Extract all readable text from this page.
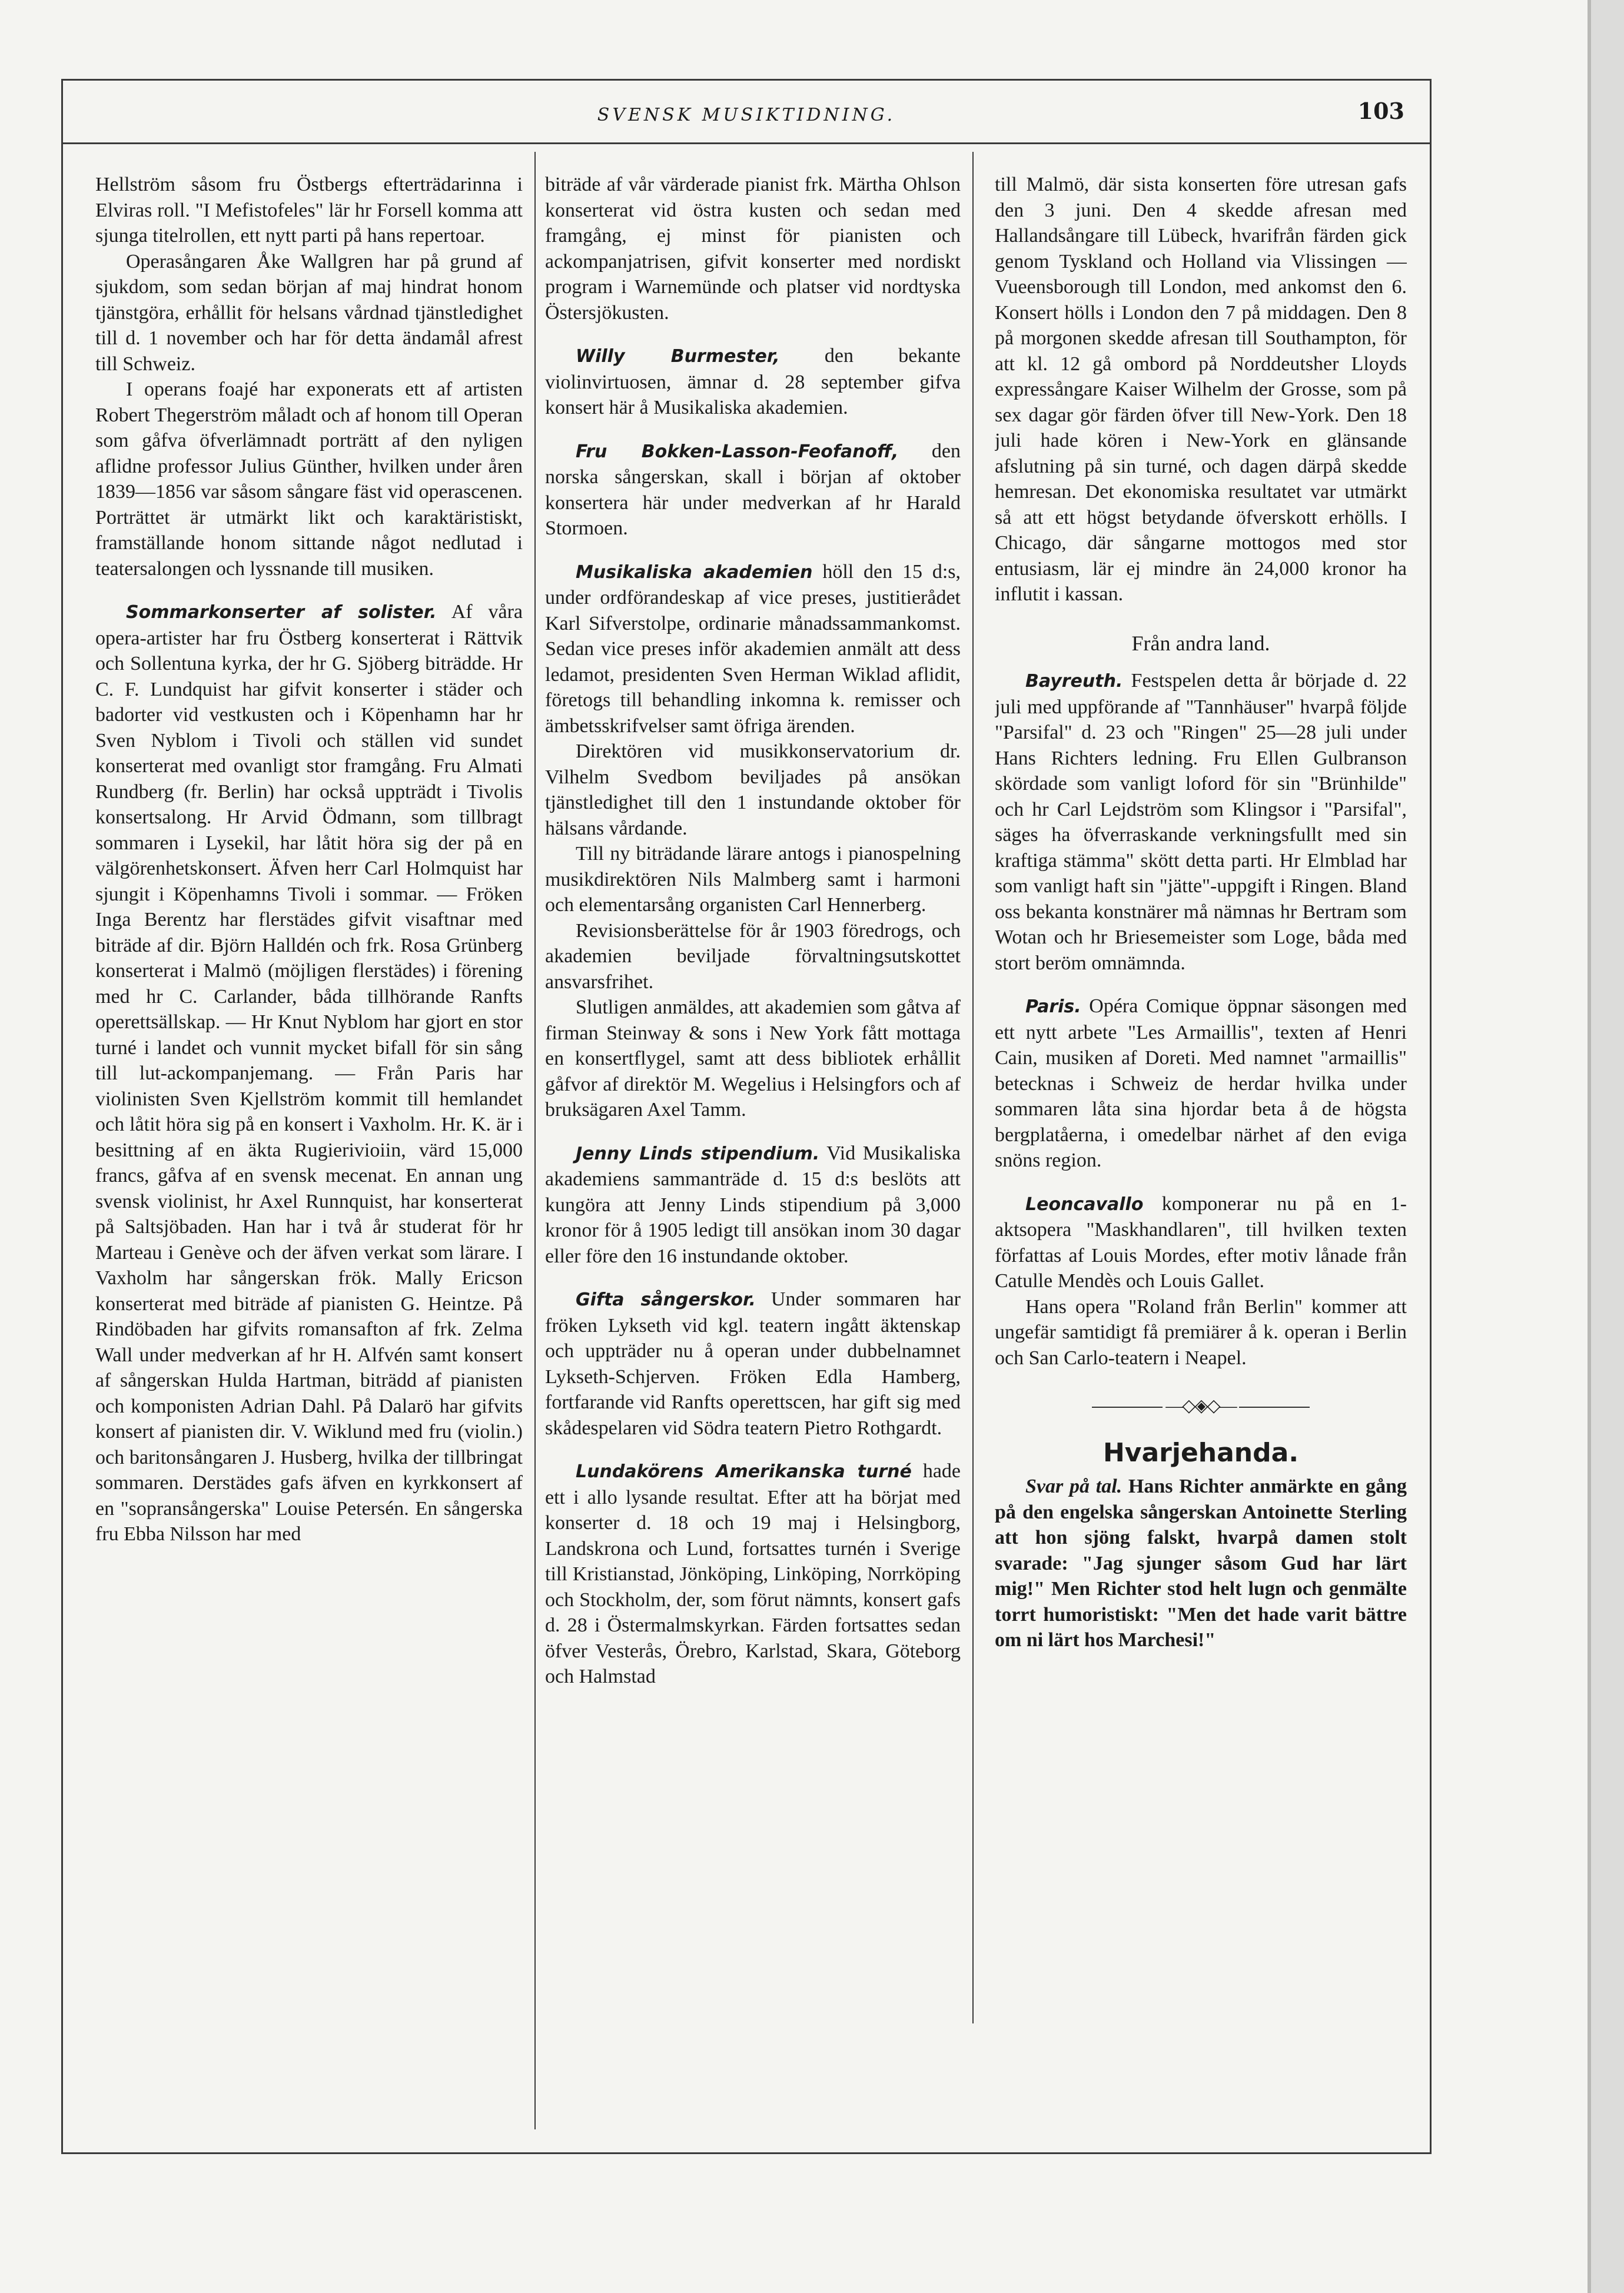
SVENSK MUSIKTIDNING.	103

Hellström såsom fru Östbergs efterträdarinna i Elviras roll. "I Mefistofeles" lär hr Forsell komma att sjunga titelrollen, ett nytt parti på hans repertoar.

Operasångaren Åke Wallgren har på grund af sjukdom, som sedan början af maj hindrat honom tjänstgöra, erhållit för helsans vårdnad tjänstledighet till d. 1 november och har för detta ändamål afrest till Schweiz.

I operans foajé har exponerats ett af artisten Robert Thegerström måladt och af honom till Operan som gåfva öfverlämnadt porträtt af den nyligen aflidne professor Julius Günther, hvilken under åren 1839—1856 var såsom sångare fäst vid operascenen. Porträttet är utmärkt likt och karaktäristiskt, framställande honom sittande något nedlutad i teatersalongen och lyssnande till musiken.

Sommarkonserter af solister. Af våra opera-artister har fru Östberg konserterat i Rättvik och Sollentuna kyrka, der hr G. Sjöberg biträdde. Hr C. F. Lundquist har gifvit konserter i städer och badorter vid vestkusten och i Köpenhamn har hr Sven Nyblom i Tivoli och ställen vid sundet konserterat med ovanligt stor framgång. Fru Almati Rundberg (fr. Berlin) har också uppträdt i Tivolis konsertsalong. Hr Arvid Ödmann, som tillbragt sommaren i Lysekil, har låtit höra sig der på en välgörenhetskonsert. Äfven herr Carl Holmquist har sjungit i Köpenhamns Tivoli i sommar. — Fröken Inga Berentz har flerstädes gifvit visaftnar med biträde af dir. Björn Halldén och frk. Rosa Grünberg konserterat i Malmö (möjligen flerstädes) i förening med hr C. Carlander, båda tillhörande Ranfts operettsällskap. — Hr Knut Nyblom har gjort en stor turné i landet och vunnit mycket bifall för sin sång till lut-ackompanjemang. — Från Paris har violinisten Sven Kjellström kommit till hemlandet och låtit höra sig på en konsert i Vaxholm. Hr. K. är i besittning af en äkta Rugierivioiin, värd 15,000 francs, gåfva af en svensk mecenat. En annan ung svensk violinist, hr Axel Runnquist, har konserterat på Saltsjöbaden. Han har i två år studerat för hr Marteau i Genève och der äfven verkat som lärare. I Vaxholm har sångerskan frök. Mally Ericson konserterat med biträde af pianisten G. Heintze. På Rindöbaden har gifvits romansafton af frk. Zelma Wall under medverkan af hr H. Alfvén samt konsert af sångerskan Hulda Hartman, biträdd af pianisten och komponisten Adrian Dahl. På Dalarö har gifvits konsert af pianisten dir. V. Wiklund med fru (violin.) och baritonsångaren J. Husberg, hvilka der tillbringat sommaren. Derstädes gafs äfven en kyrkkonsert af en "sopransångerska" Louise Petersén. En sångerska fru Ebba Nilsson har med

biträde af vår värderade pianist frk. Märtha Ohlson konserterat vid östra kusten och sedan med framgång, ej minst för pianisten och ackompanjatrisen, gifvit konserter med nordiskt program i Warnemünde och platser vid nordtyska Östersjökusten.

Willy Burmester, den bekante violinvirtuosen, ämnar d. 28 september gifva konsert här å Musikaliska akademien.

Fru Bokken-Lasson-Feofanoff, den norska sångerskan, skall i början af oktober konsertera här under medverkan af hr Harald Stormoen.

Musikaliska akademien höll den 15 d:s, under ordförandeskap af vice preses, justitierådet Karl Sifverstolpe, ordinarie månadssammankomst. Sedan vice preses inför akademien anmält att dess ledamot, presidenten Sven Herman Wiklad aflidit, företogs till behandling inkomna k. remisser och ämbetsskrifvelser samt öfriga ärenden.

Direktören vid musikkonservatorium dr. Vilhelm Svedbom beviljades på ansökan tjänstledighet till den 1 instundande oktober för hälsans vårdande.

Till ny biträdande lärare antogs i pianospelning musikdirektören Nils Malmberg samt i harmoni och elementarsång organisten Carl Hennerberg.

Revisionsberättelse för år 1903 föredrogs, och akademien beviljade förvaltningsutskottet ansvarsfrihet.

Slutligen anmäldes, att akademien som gåtva af firman Steinway & sons i New York fått mottaga en konsertflygel, samt att dess bibliotek erhållit gåfvor af direktör M. Wegelius i Helsingfors och af bruksägaren Axel Tamm.

Jenny Linds stipendium. Vid Musikaliska akademiens sammanträde d. 15 d:s beslöts att kungöra att Jenny Linds stipendium på 3,000 kronor för å 1905 ledigt till ansökan inom 30 dagar eller före den 16 instundande oktober.

Gifta sångerskor. Under sommaren har fröken Lykseth vid kgl. teatern ingått äktenskap och uppträder nu å operan under dubbelnamnet Lykseth-Schjerven. Fröken Edla Hamberg, fortfarande vid Ranfts operettscen, har gift sig med skådespelaren vid Södra teatern Pietro Rothgardt.

Lundakörens Amerikanska turné hade ett i allo lysande resultat. Efter att ha börjat med konserter d. 18 och 19 maj i Helsingborg, Landskrona och Lund, fortsattes turnén i Sverige till Kristianstad, Jönköping, Linköping, Norrköping och Stockholm, der, som förut nämnts, konsert gafs d. 28 i Östermalmskyrkan. Färden fortsattes sedan öfver Vesterås, Örebro, Karlstad, Skara, Göteborg och Halmstad

till Malmö, där sista konserten före utresan gafs den 3 juni. Den 4 skedde afresan med Hallandsångare till Lübeck, hvarifrån färden gick genom Tyskland och Holland via Vlissingen —Vueensborough till London, med ankomst den 6. Konsert hölls i London den 7 på middagen. Den 8 på morgonen skedde afresan till Southampton, för att kl. 12 gå ombord på Norddeutsher Lloyds expressångare Kaiser Wilhelm der Grosse, som på sex dagar gör färden öfver till New-York. Den 18 juli hade kören i New-York en glänsande afslutning på sin turné, och dagen därpå skedde hemresan. Det ekonomiska resultatet var utmärkt så att ett högst betydande öfverskott erhölls. I Chicago, där sångarne mottogos med stor entusiasm, lär ej mindre än 24,000 kronor ha influtit i kassan.

Från andra land.

Bayreuth. Festspelen detta år började d. 22 juli med uppförande af "Tannhäuser" hvarpå följde "Parsifal" d. 23 och "Ringen" 25—28 juli under Hans Richters ledning. Fru Ellen Gulbranson skördade som vanligt loford för sin "Brünhilde" och hr Carl Lejdström som Klingsor i "Parsifal", säges ha öfverraskande verkningsfullt med sin kraftiga stämma" skött detta parti. Hr Elmblad har som vanligt haft sin "jätte"-uppgift i Ringen. Bland oss bekanta konstnärer må nämnas hr Bertram som Wotan och hr Briesemeister som Loge, båda med stort beröm omnämnda.

Paris. Opéra Comique öppnar säsongen med ett nytt arbete "Les Armaillis", texten af Henri Cain, musiken af Doreti. Med namnet "armaillis" betecknas i Schweiz de herdar hvilka under sommaren låta sina hjordar beta å de högsta bergplatåerna, i omedelbar närhet af den eviga snöns region.

Leoncavallo komponerar nu på en 1-aktsopera "Maskhandlaren", till hvilken texten författas af Louis Mordes, efter motiv lånade från Catulle Mendès och Louis Gallet.

Hans opera "Roland från Berlin" kommer att ungefär samtidigt få premiärer å k. operan i Berlin och San Carlo-teatern i Neapel.

—◇◈◇—

Hvarjehanda.

Svar på tal. Hans Richter anmärkte en gång på den engelska sångerskan Antoinette Sterling att hon sjöng falskt, hvarpå damen stolt svarade: "Jag sjunger såsom Gud har lärt mig!" Men Richter stod helt lugn och genmälte torrt humoristiskt: "Men det hade varit bättre om ni lärt hos Marchesi!"
